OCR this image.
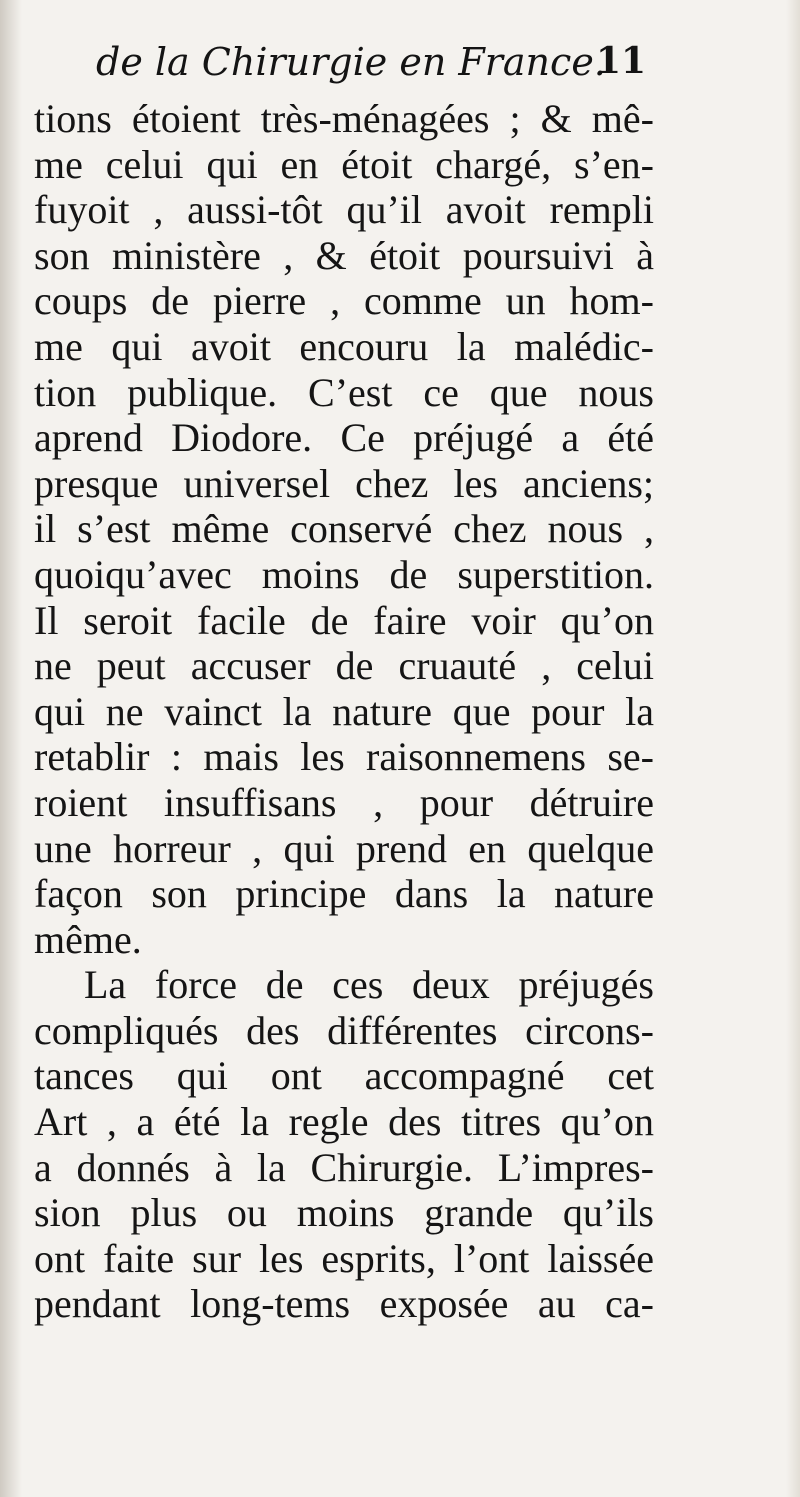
de la Chirurgie en France.
11
tions étoient très-ménagées ; & mê-
me celui qui en étoit chargé, s’en-
fuyoit , aussi-tôt qu’il avoit rempli
son ministère , & étoit poursuivi à
coups de pierre , comme un hom-
me qui avoit encouru la malédic-
tion publique. C’est ce que nous
aprend Diodore. Ce préjugé a été
presque universel chez les anciens;
il s’est même conservé chez nous ,
quoiqu’avec moins de superstition.
Il seroit facile de faire voir qu’on
ne peut accuser de cruauté , celui
qui ne vainct la nature que pour la
retablir : mais les raisonnemens se-
roient insuffisans , pour détruire
une horreur , qui prend en quelque
façon son principe dans la nature
même.
La force de ces deux préjugés
compliqués des différentes circons-
tances qui ont accompagné cet
Art , a été la regle des titres qu’on
a donnés à la Chirurgie. L’impres-
sion plus ou moins grande qu’ils
ont faite sur les esprits, l’ont laissée
pendant long-tems exposée au ca-
